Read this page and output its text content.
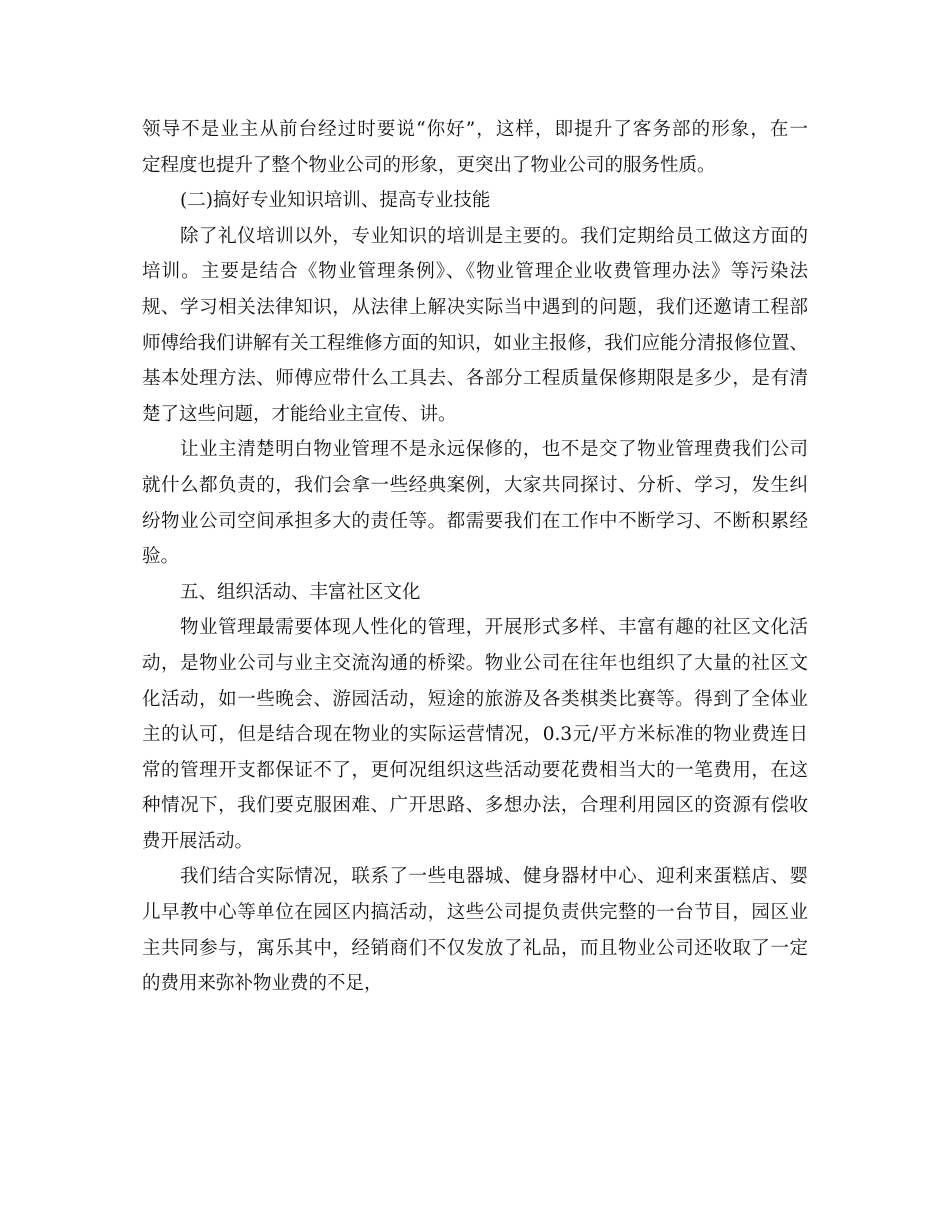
领导不是业主从前台经过时要说“你好”，这样，即提升了客务部的形象，在一
定程度也提升了整个物业公司的形象，更突出了物业公司的服务性质。
(二)搞好专业知识培训、提高专业技能
除了礼仪培训以外，专业知识的培训是主要的。我们定期给员工做这方面的
培训。主要是结合《物业管理条例》、《物业管理企业收费管理办法》等污染法
规、学习相关法律知识，从法律上解决实际当中遇到的问题，我们还邀请工程部
师傅给我们讲解有关工程维修方面的知识，如业主报修，我们应能分清报修位置、
基本处理方法、师傅应带什么工具去、各部分工程质量保修期限是多少，是有清
楚了这些问题，才能给业主宣传、讲。
让业主清楚明白物业管理不是永远保修的，也不是交了物业管理费我们公司
就什么都负责的，我们会拿一些经典案例，大家共同探讨、分析、学习，发生纠
纷物业公司空间承担多大的责任等。都需要我们在工作中不断学习、不断积累经
验。
五、组织活动、丰富社区文化
物业管理最需要体现人性化的管理，开展形式多样、丰富有趣的社区文化活
动，是物业公司与业主交流沟通的桥梁。物业公司在往年也组织了大量的社区文
化活动，如一些晚会、游园活动，短途的旅游及各类棋类比赛等。得到了全体业
主的认可，但是结合现在物业的实际运营情况，0.3元/平方米标准的物业费连日
常的管理开支都保证不了，更何况组织这些活动要花费相当大的一笔费用，在这
种情况下，我们要克服困难、广开思路、多想办法，合理利用园区的资源有偿收
费开展活动。
我们结合实际情况，联系了一些电器城、健身器材中心、迎利来蛋糕店、婴
儿早教中心等单位在园区内搞活动，这些公司提负责供完整的一台节目，园区业
主共同参与，寓乐其中，经销商们不仅发放了礼品，而且物业公司还收取了一定
的费用来弥补物业费的不足，
